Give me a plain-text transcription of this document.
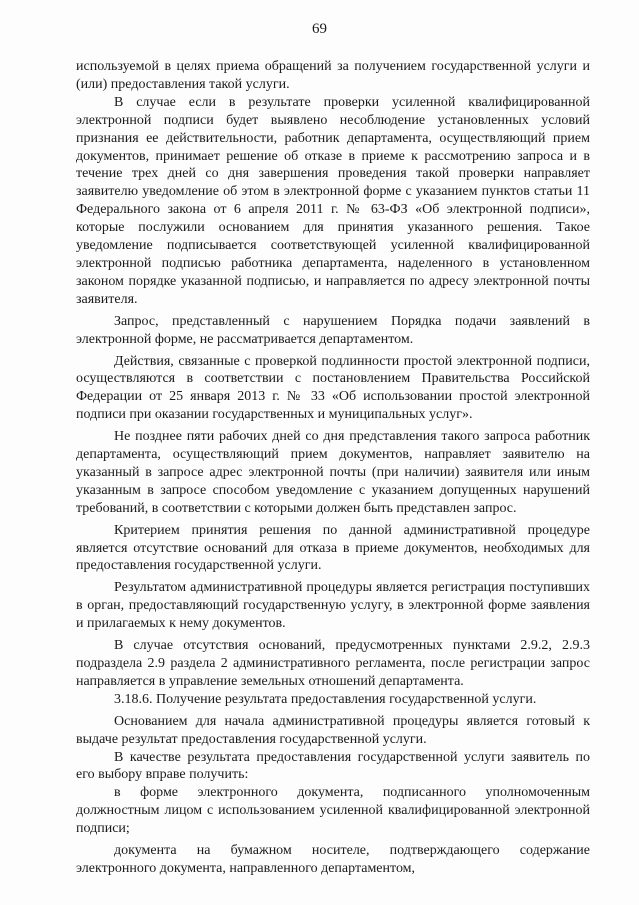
69

используемой в целях приема обращений за получением государственной услуги и (или) предоставления такой услуги.

В случае если в результате проверки усиленной квалифицированной электронной подписи будет выявлено несоблюдение установленных условий признания ее действительности, работник департамента, осуществляющий прием документов, принимает решение об отказе в приеме к рассмотрению запроса и в течение трех дней со дня завершения проведения такой проверки направляет заявителю уведомление об этом в электронной форме с указанием пунктов статьи 11 Федерального закона от 6 апреля 2011 г. № 63-ФЗ «Об электронной подписи», которые послужили основанием для принятия указанного решения. Такое уведомление подписывается соответствующей усиленной квалифицированной электронной подписью работника департамента, наделенного в установленном законом порядке указанной подписью, и направляется по адресу электронной почты заявителя.

Запрос, представленный с нарушением Порядка подачи заявлений в электронной форме, не рассматривается департаментом.

Действия, связанные с проверкой подлинности простой электронной подписи, осуществляются в соответствии с постановлением Правительства Российской Федерации от 25 января 2013 г. № 33 «Об использовании простой электронной подписи при оказании государственных и муниципальных услуг».

Не позднее пяти рабочих дней со дня представления такого запроса работник департамента, осуществляющий прием документов, направляет заявителю на указанный в запросе адрес электронной почты (при наличии) заявителя или иным указанным в запросе способом уведомление с указанием допущенных нарушений требований, в соответствии с которыми должен быть представлен запрос.

Критерием принятия решения по данной административной процедуре является отсутствие оснований для отказа в приеме документов, необходимых для предоставления государственной услуги.

Результатом административной процедуры является регистрация поступивших в орган, предоставляющий государственную услугу, в электронной форме заявления и прилагаемых к нему документов.

В случае отсутствия оснований, предусмотренных пунктами 2.9.2, 2.9.3 подраздела 2.9 раздела 2 административного регламента, после регистрации запрос направляется в управление земельных отношений департамента.

3.18.6. Получение результата предоставления государственной услуги.

Основанием для начала административной процедуры является готовый к выдаче результат предоставления государственной услуги.

В качестве результата предоставления государственной услуги заявитель по его выбору вправе получить:

в форме электронного документа, подписанного уполномоченным должностным лицом с использованием усиленной квалифицированной электронной подписи;

документа на бумажном носителе, подтверждающего содержание электронного документа, направленного департаментом,
